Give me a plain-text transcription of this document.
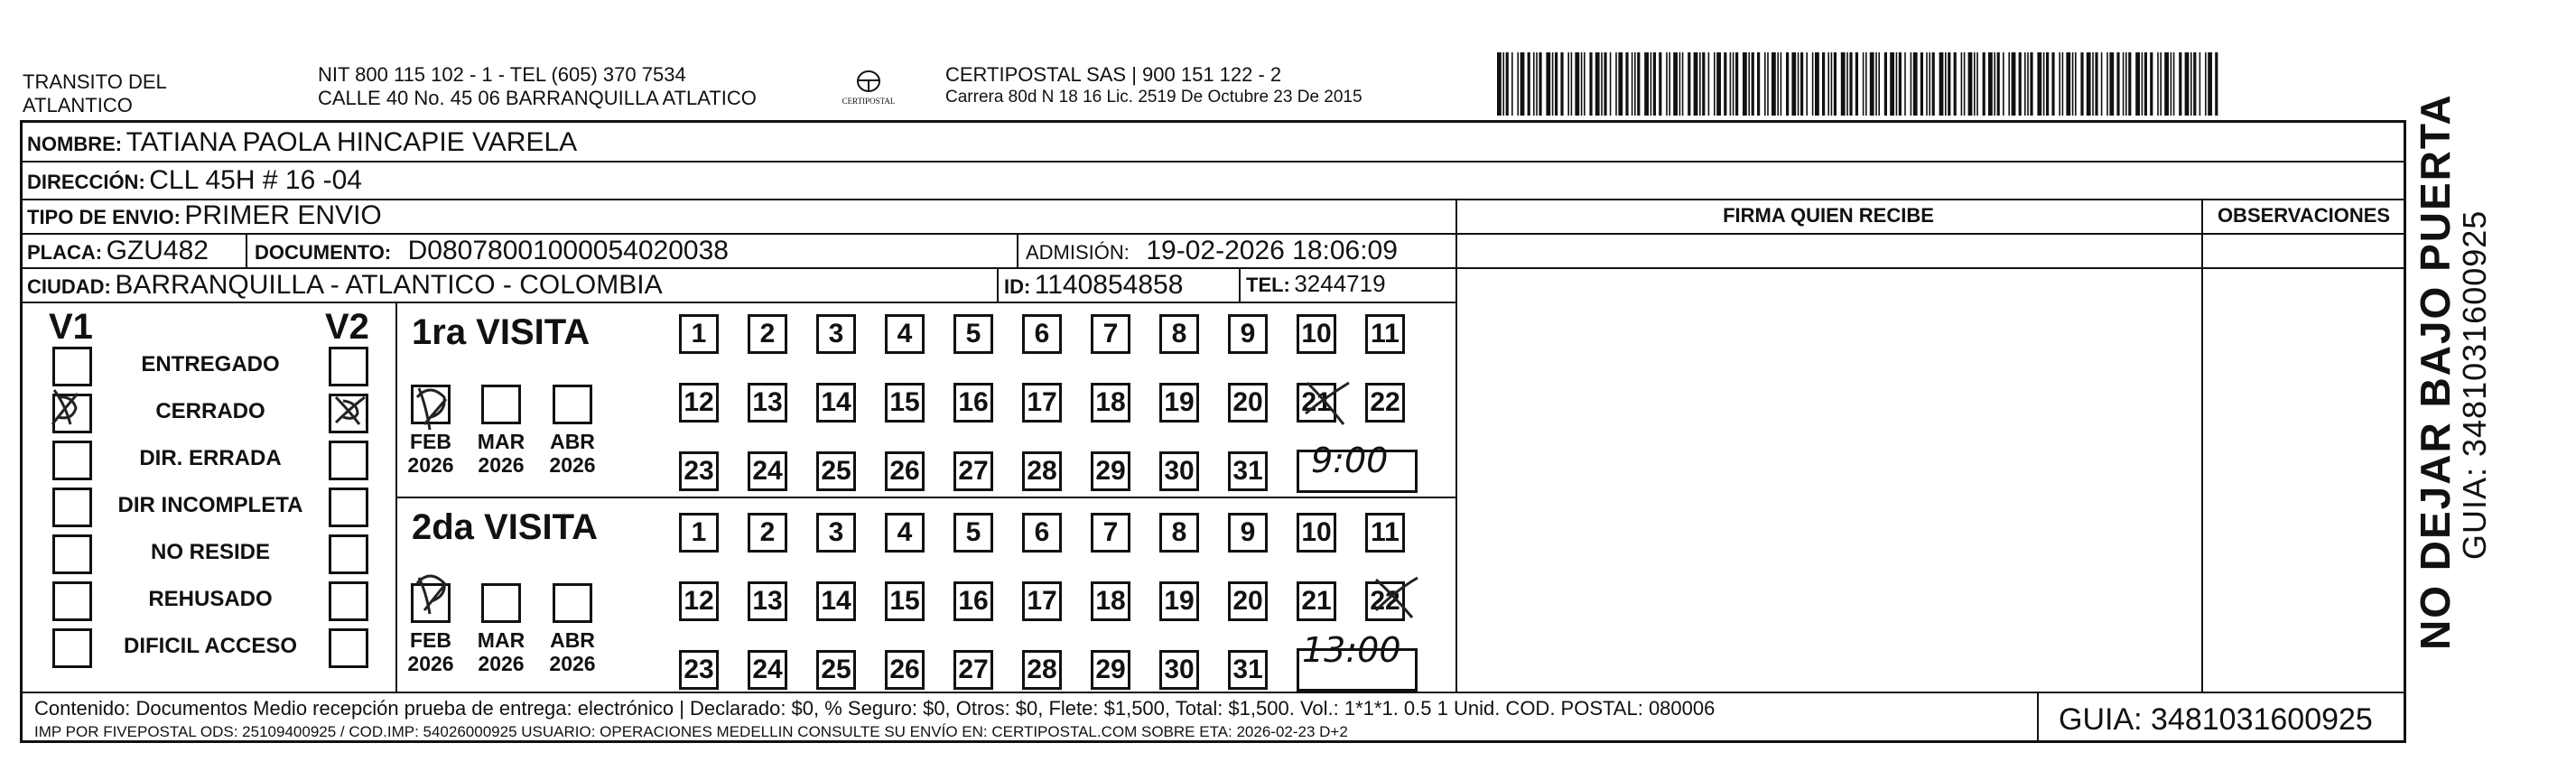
TRANSITO DEL
ATLANTICO
NIT 800 115 102 - 1 - TEL (605) 370 7534
CALLE 40 No. 45 06 BARRANQUILLA ATLATICO	CERTIPOSTAL
CERTIPOSTAL SAS | 900 151 122 - 2
Carrera 80d N 18 16 Lic. 2519 De Octubre 23 De 2015
NOMBRE: TATIANA PAOLA HINCAPIE VARELA
DIRECCIÓN: CLL 45H # 16 -04
TIPO DE ENVIO: PRIMER ENVIO	FIRMA QUIEN RECIBE	OBSERVACIONES
PLACA: GZU482 DOCUMENTO: D08078001000054020038	ADMISIÓN: 19-02-2026 18:06:09
CIUDAD: BARRANQUILLA - ATLANTICO - COLOMBIA	ID: 1140854858	TEL: 3244719
V1	V2
ENTREGADO
CERRADO
DIR. ERRADA
DIR INCOMPLETA
NO RESIDE
REHUSADO
DIFICIL ACCESO
1ra VISITA
2da VISITA
1	2	3	4	5	6	7	8	9	10 11
12 13 14 15 16 17 18 19 20 21 22
23 24 25 26 27 28 29 30 31
FEB
2026
MAR
2026
ABR
2026
1	2	3	4	5	6	7	8	9	10 11
12 13 14 15 16 17 18 19 20 21 22
23 24 25 26 27 28 29 30 31
FEB
2026
MAR
2026
ABR
2026
9:00
13:00
Contenido: Documentos Medio recepción prueba de entrega: electrónico | Declarado: $0, % Seguro: $0, Otros: $0, Flete: $1,500, Total: $1,500. Vol.: 1*1*1. 0.5 1 Unid. COD. POSTAL: 080006
IMP POR FIVEPOSTAL ODS: 25109400925 / COD.IMP: 54026000925 USUARIO: OPERACIONES MEDELLIN CONSULTE SU ENVÍO EN: CERTIPOSTAL.COM SOBRE ETA: 2026-02-23 D+2	GUIA: 3481031600925
NO DEJAR BAJO PUERTA
GUIA: 3481031600925
